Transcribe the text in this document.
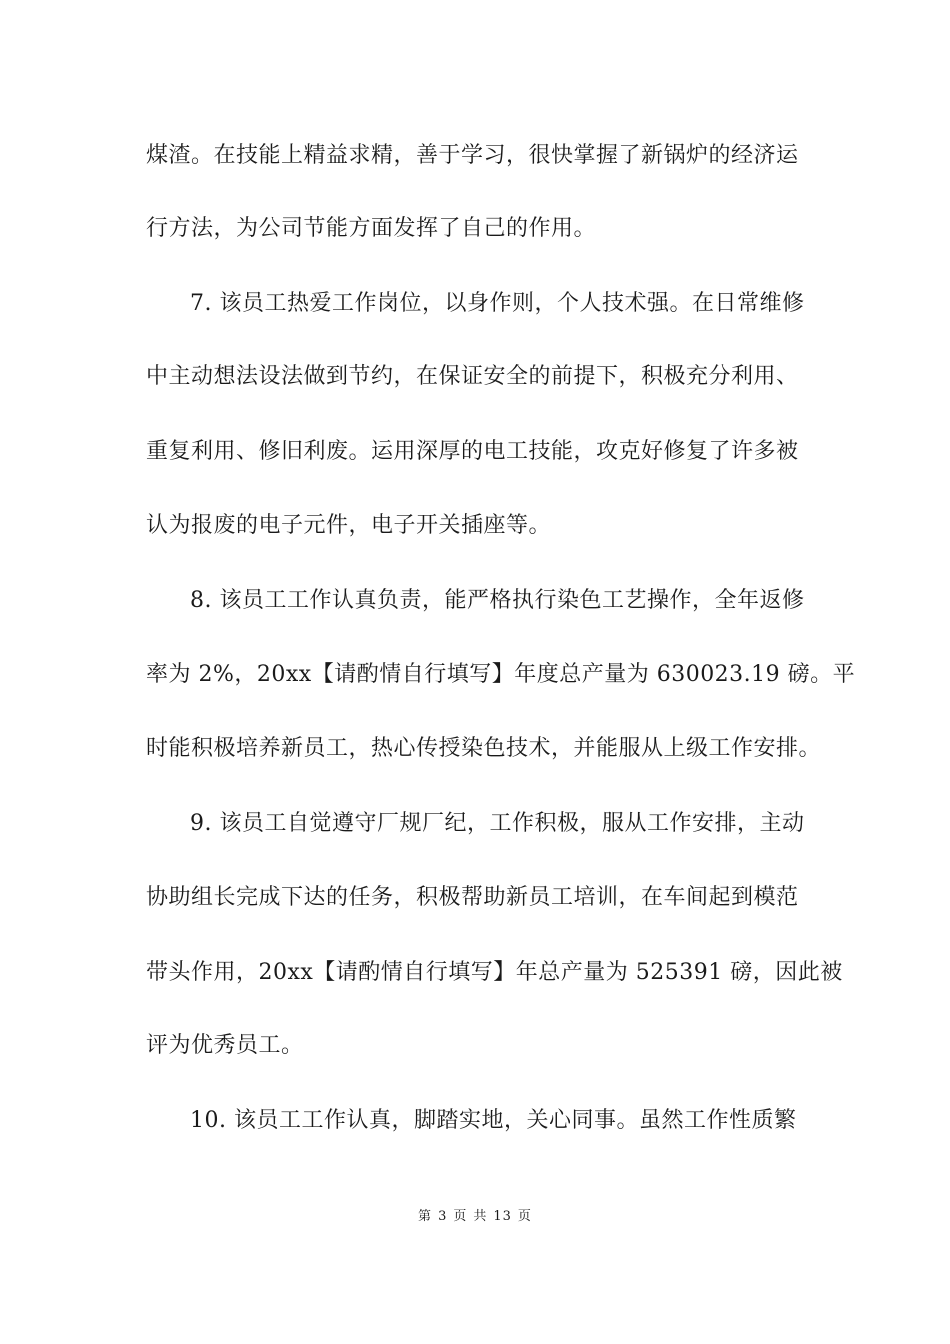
煤渣。在技能上精益求精，善于学习，很快掌握了新锅炉的经济运
行方法，为公司节能方面发挥了自己的作用。
7. 该员工热爱工作岗位，以身作则，个人技术强。在日常维修
中主动想法设法做到节约，在保证安全的前提下，积极充分利用、
重复利用、修旧利废。运用深厚的电工技能，攻克好修复了许多被
认为报废的电子元件，电子开关插座等。
8. 该员工工作认真负责，能严格执行染色工艺操作，全年返修
率为 2%，20xx【请酌情自行填写】年度总产量为 630023.19 磅。平
时能积极培养新员工，热心传授染色技术，并能服从上级工作安排。
9. 该员工自觉遵守厂规厂纪，工作积极，服从工作安排，主动
协助组长完成下达的任务，积极帮助新员工培训，在车间起到模范
带头作用，20xx【请酌情自行填写】年总产量为 525391 磅，因此被
评为优秀员工。
10. 该员工工作认真，脚踏实地，关心同事。虽然工作性质繁
第 3 页 共 13 页
